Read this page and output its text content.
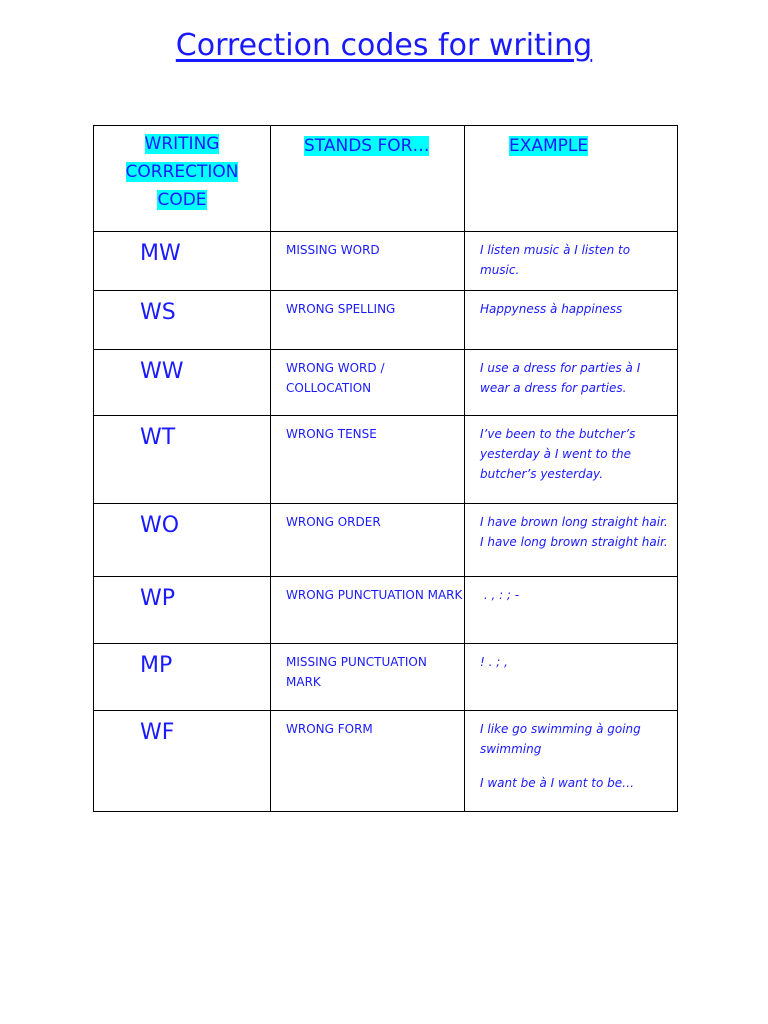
Correction codes for writing
WRITING
CORRECTION
CODE	STANDS FOR…	EXAMPLE
MW	MISSING WORD	I listen music à I listen to music.
WS	WRONG SPELLING	Happyness à happiness
WW	WRONG WORD / COLLOCATION	I use a dress for parties à I wear a dress for parties.
WT	WRONG TENSE	I’ve been to the butcher’s yesterday à I went to the butcher’s yesterday.
WO	WRONG ORDER	I have brown long straight hair. I have long brown straight hair.
WP	WRONG PUNCTUATION MARK	. , : ; -
MP	MISSING PUNCTUATION MARK	! . ; ,
WF	WRONG FORM	I like go swimming à going swimming
I want be à I want to be…
